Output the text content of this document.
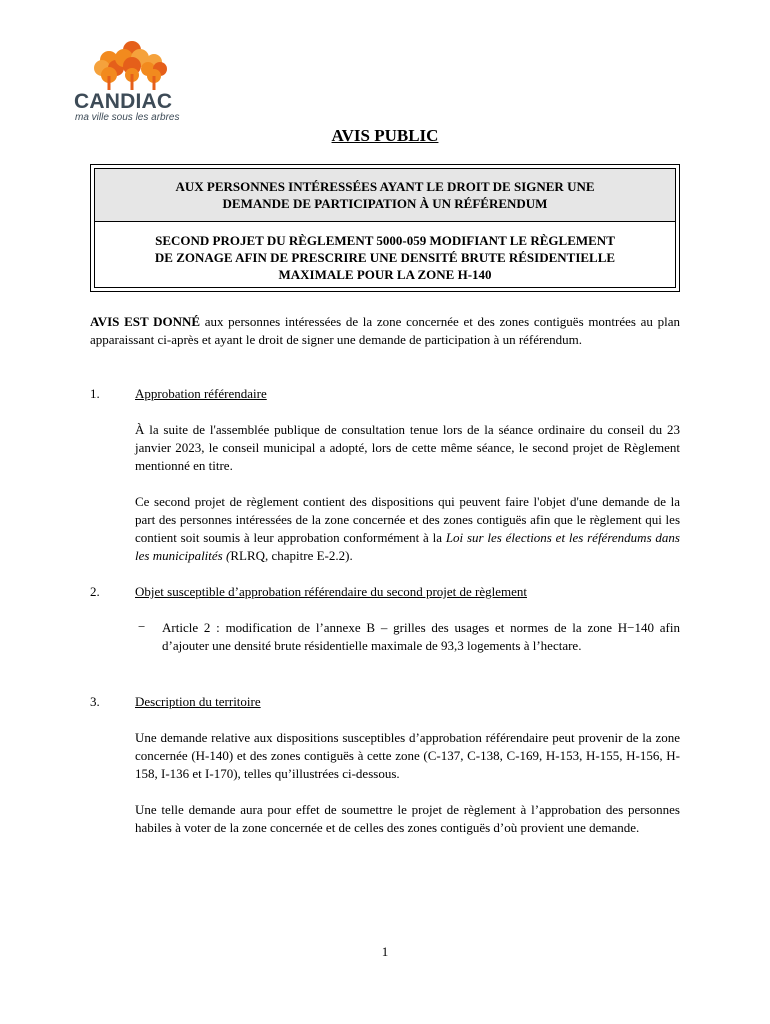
CANDIAC
ma ville sous les arbres
AVIS PUBLIC
AUX PERSONNES INTÉRESSÉES AYANT LE DROIT DE SIGNER UNE
DEMANDE DE PARTICIPATION À UN RÉFÉRENDUM
SECOND PROJET DU RÈGLEMENT 5000-059 MODIFIANT LE RÈGLEMENT
DE ZONAGE AFIN DE PRESCRIRE UNE DENSITÉ BRUTE RÉSIDENTIELLE
MAXIMALE POUR LA ZONE H-140
AVIS EST DONNÉ aux personnes intéressées de la zone concernée et des zones contiguës montrées au plan apparaissant ci-après et ayant le droit de signer une demande de participation à un référendum.
1.	Approbation référendaire
À la suite de l'assemblée publique de consultation tenue lors de la séance ordinaire du conseil du 23 janvier 2023, le conseil municipal a adopté, lors de cette même séance, le second projet de Règlement mentionné en titre.
Ce second projet de règlement contient des dispositions qui peuvent faire l'objet d'une demande de la part des personnes intéressées de la zone concernée et des zones contiguës afin que le règlement qui les contient soit soumis à leur approbation conformément à la Loi sur les élections et les référendums dans les municipalités (RLRQ, chapitre E-2.2).
2.	Objet susceptible d’approbation référendaire du second projet de règlement
− Article 2 : modification de l’annexe B – grilles des usages et normes de la zone H−140 afin d’ajouter une densité brute résidentielle maximale de 93,3 logements à l’hectare.
3.	Description du territoire
Une demande relative aux dispositions susceptibles d’approbation référendaire peut provenir de la zone concernée (H-140) et des zones contiguës à cette zone (C-137, C-138, C-169, H-153, H-155, H-156, H-158, I-136 et I-170), telles qu’illustrées ci-dessous.
Une telle demande aura pour effet de soumettre le projet de règlement à l’approbation des personnes habiles à voter de la zone concernée et de celles des zones contiguës d’où provient une demande.
1
